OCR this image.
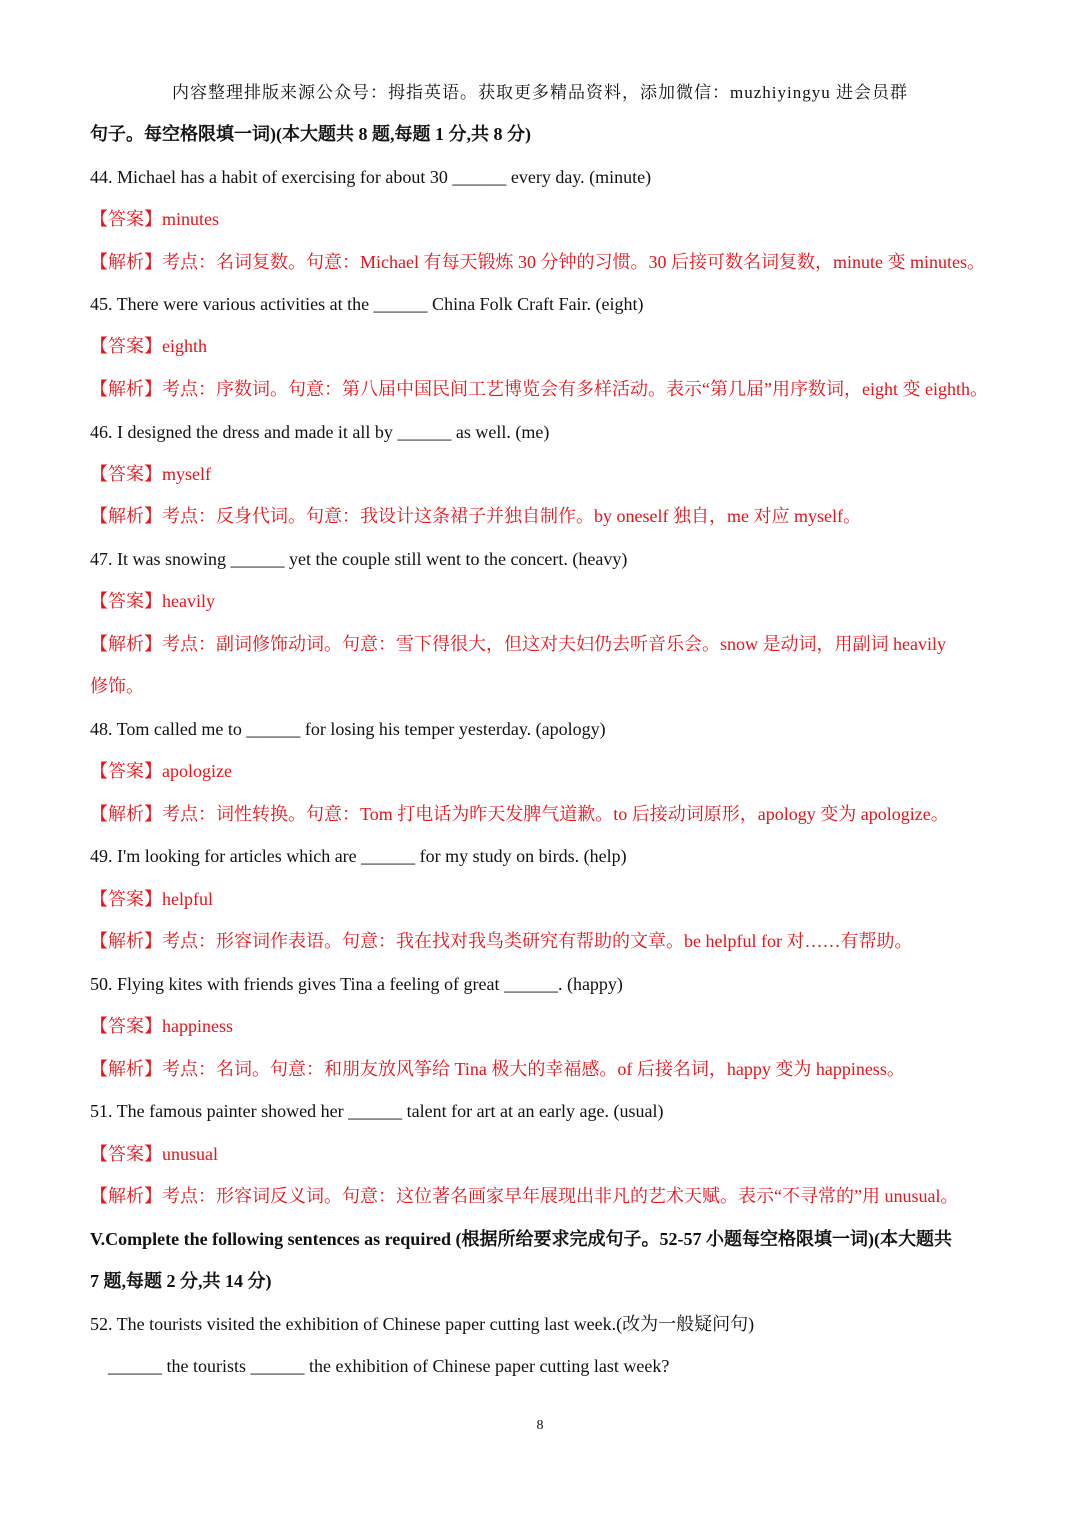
内容整理排版来源公众号：拇指英语。获取更多精品资料，添加微信：muzhiyingyu 进会员群
句子。每空格限填一词)(本大题共 8 题,每题 1 分,共 8 分)
44. Michael has a habit of exercising for about 30 ______ every day. (minute)
【答案】minutes
【解析】考点：名词复数。句意：Michael 有每天锻炼 30 分钟的习惯。30 后接可数名词复数，minute 变 minutes。
45. There were various activities at the ______ China Folk Craft Fair. (eight)
【答案】eighth
【解析】考点：序数词。句意：第八届中国民间工艺博览会有多样活动。表示“第几届”用序数词，eight 变 eighth。
46. I designed the dress and made it all by ______ as well. (me)
【答案】myself
【解析】考点：反身代词。句意：我设计这条裙子并独自制作。by oneself 独自，me 对应 myself。
47. It was snowing ______ yet the couple still went to the concert. (heavy)
【答案】heavily
【解析】考点：副词修饰动词。句意：雪下得很大，但这对夫妇仍去听音乐会。snow 是动词，用副词 heavily
修饰。
48. Tom called me to ______ for losing his temper yesterday. (apology)
【答案】apologize
【解析】考点：词性转换。句意：Tom 打电话为昨天发脾气道歉。to 后接动词原形，apology 变为 apologize。
49. I'm looking for articles which are ______ for my study on birds. (help)
【答案】helpful
【解析】考点：形容词作表语。句意：我在找对我鸟类研究有帮助的文章。be helpful for 对……有帮助。
50. Flying kites with friends gives Tina a feeling of great ______. (happy)
【答案】happiness
【解析】考点：名词。句意：和朋友放风筝给 Tina 极大的幸福感。of 后接名词，happy 变为 happiness。
51. The famous painter showed her ______ talent for art at an early age. (usual)
【答案】unusual
【解析】考点：形容词反义词。句意：这位著名画家早年展现出非凡的艺术天赋。表示“不寻常的”用 unusual。
V.Complete the following sentences as required (根据所给要求完成句子。52-57 小题每空格限填一词)(本大题共
7 题,每题 2 分,共 14 分)
52. The tourists visited the exhibition of Chinese paper cutting last week.(改为一般疑问句)
______ the tourists ______ the exhibition of Chinese paper cutting last week?
8
